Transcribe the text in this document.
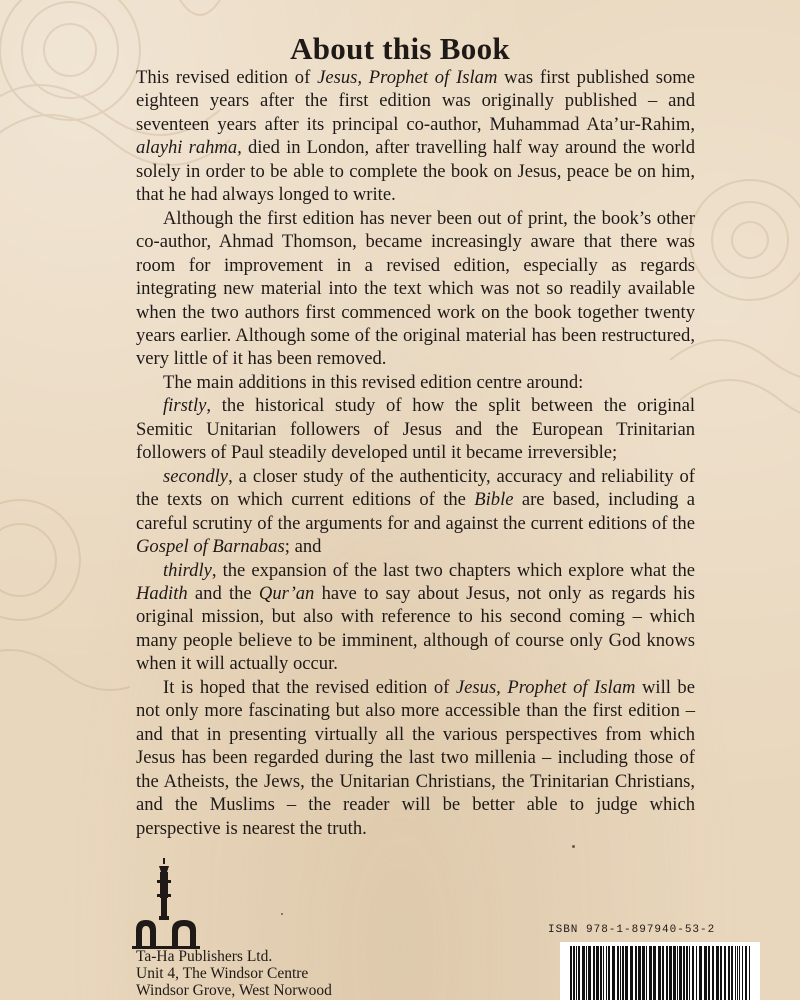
About this Book

This revised edition of Jesus, Prophet of Islam was first published some eighteen years after the first edition was originally published – and seventeen years after its principal co-author, Muhammad Ata’ur-Rahim, alayhi rahma, died in London, after travelling half way around the world solely in order to be able to complete the book on Jesus, peace be on him, that he had always longed to write.

Although the first edition has never been out of print, the book’s other co-author, Ahmad Thomson, became increasingly aware that there was room for improvement in a revised edition, especially as regards integrating new material into the text which was not so readily available when the two authors first commenced work on the book together twenty years earlier. Although some of the original material has been restructured, very little of it has been removed.

The main additions in this revised edition centre around:

firstly, the historical study of how the split between the original Semitic Unitarian followers of Jesus and the European Trinitarian followers of Paul steadily developed until it became irreversible;

secondly, a closer study of the authenticity, accuracy and reliability of the texts on which current editions of the Bible are based, including a careful scrutiny of the arguments for and against the current editions of the Gospel of Barnabas; and

thirdly, the expansion of the last two chapters which explore what the Hadith and the Qur’an have to say about Jesus, not only as regards his original mission, but also with reference to his second coming – which many people believe to be imminent, although of course only God knows when it will actually occur.

It is hoped that the revised edition of Jesus, Prophet of Islam will be not only more fascinating but also more accessible than the first edition – and that in presenting virtually all the various perspectives from which Jesus has been regarded during the last two millenia – including those of the Atheists, the Jews, the Unitarian Christians, the Trinitarian Christians, and the Muslims – the reader will be better able to judge which perspective is nearest the truth.

Ta-Ha Publishers Ltd.
Unit 4, The Windsor Centre
Windsor Grove, West Norwood
ISBN 978-1-897940-53-2
